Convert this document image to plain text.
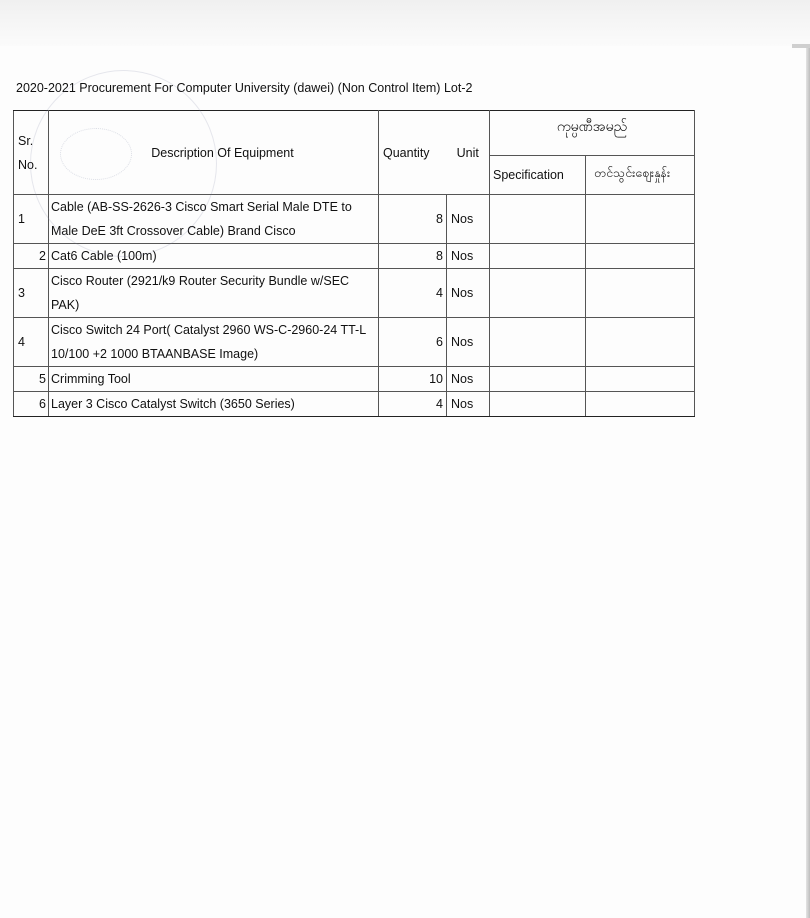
2020-2021 Procurement For Computer University (dawei) (Non Control Item) Lot-2
Sr.
No.	Description Of Equipment	Quantity	Unit	ကုမ္ပဏီအမည်	
				Specification	တင်သွင်းဈေးနှုန်း

1	Cable (AB-SS-2626-3 Cisco Smart Serial Male DTE to Male DeE 3ft Crossover Cable) Brand Cisco	8	Nos		
2	Cat6 Cable (100m)	8	Nos		

3	Cisco Router (2921/k9 Router Security Bundle w/SEC PAK)	4	Nos		

4	Cisco Switch 24 Port( Catalyst 2960 WS-C-2960-24 TT-L 10/100 +2 1000 BTAANBASE Image)	6	Nos		
5	Crimming Tool	10	Nos		
6	Layer 3 Cisco Catalyst Switch (3650 Series)	4	Nos		
